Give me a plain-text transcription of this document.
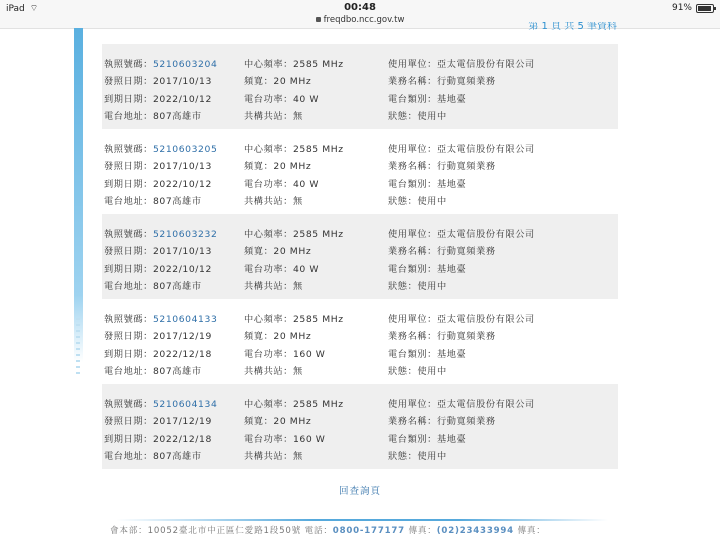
iPad ⌔	00:48
freqdbo.ncc.gov.tw
91%
第 1 頁 共 5 筆資料
執照號碼：5210603204	中心頻率：2585 MHz	使用單位：亞太電信股份有限公司
發照日期：2017/10/13	頻寬：20 MHz	業務名稱：行動寬頻業務
到期日期：2022/10/12	電台功率：40 W	電台類別：基地臺
電台地址：807高雄市	共構共站：無	狀態：使用中
執照號碼：5210603205	中心頻率：2585 MHz	使用單位：亞太電信股份有限公司
發照日期：2017/10/13	頻寬：20 MHz	業務名稱：行動寬頻業務
到期日期：2022/10/12	電台功率：40 W	電台類別：基地臺
電台地址：807高雄市	共構共站：無	狀態：使用中
執照號碼：5210603232	中心頻率：2585 MHz	使用單位：亞太電信股份有限公司
發照日期：2017/10/13	頻寬：20 MHz	業務名稱：行動寬頻業務
到期日期：2022/10/12	電台功率：40 W	電台類別：基地臺
電台地址：807高雄市	共構共站：無	狀態：使用中
執照號碼：5210604133	中心頻率：2585 MHz	使用單位：亞太電信股份有限公司
發照日期：2017/12/19	頻寬：20 MHz	業務名稱：行動寬頻業務
到期日期：2022/12/18	電台功率：160 W	電台類別：基地臺
電台地址：807高雄市	共構共站：無	狀態：使用中
執照號碼：5210604134	中心頻率：2585 MHz	使用單位：亞太電信股份有限公司
發照日期：2017/12/19	頻寬：20 MHz	業務名稱：行動寬頻業務
到期日期：2022/12/18	電台功率：160 W	電台類別：基地臺
電台地址：807高雄市	共構共站：無	狀態：使用中
回查詢頁
會本部：10052臺北市中正區仁愛路1段50號 電話：0800-177177 傳真：(02)23433994 傳真：
